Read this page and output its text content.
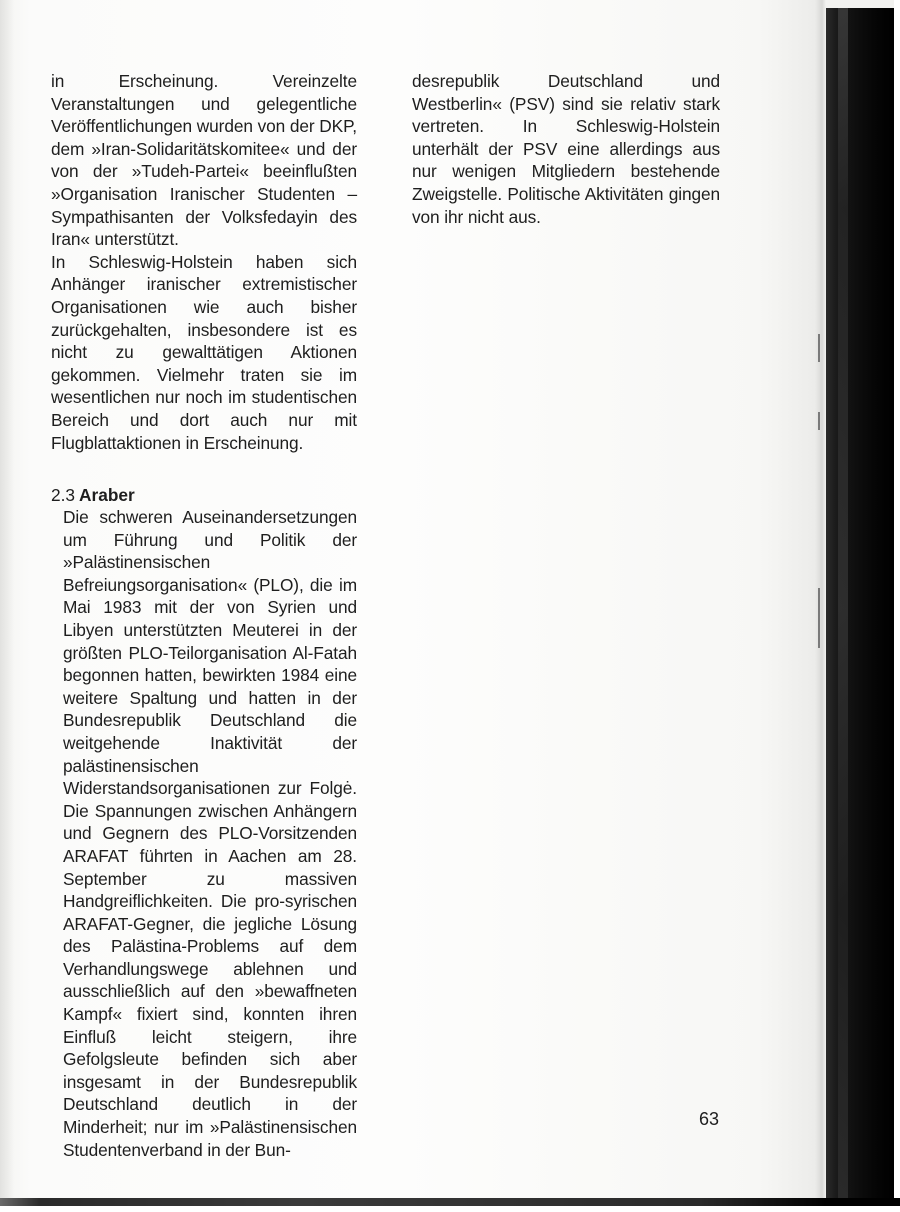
in Erscheinung. Vereinzelte Veranstaltungen und gelegentliche Veröffentlichungen wurden von der DKP, dem »Iran-Solidaritätskomitee« und der von der »Tudeh-Partei« beeinflußten »Organisation Iranischer Studenten – Sympathisanten der Volksfedayin des Iran« unterstützt.

In Schleswig-Holstein haben sich Anhänger iranischer extremistischer Organisationen wie auch bisher zurückgehalten, insbesondere ist es nicht zu gewalttätigen Aktionen gekommen. Vielmehr traten sie im wesentlichen nur noch im studentischen Bereich und dort auch nur mit Flugblattaktionen in Erscheinung.

desrepublik Deutschland und Westberlin« (PSV) sind sie relativ stark vertreten. In Schleswig-Holstein unterhält der PSV eine allerdings aus nur wenigen Mitgliedern bestehende Zweigstelle. Politische Aktivitäten gingen von ihr nicht aus.

2.3 Araber

Die schweren Auseinandersetzungen um Führung und Politik der »Palästinensischen Befreiungsorganisation« (PLO), die im Mai 1983 mit der von Syrien und Libyen unterstützten Meuterei in der größten PLO-Teilorganisation Al-Fatah begonnen hatten, bewirkten 1984 eine weitere Spaltung und hatten in der Bundesrepublik Deutschland die weitgehende Inaktivität der palästinensischen Widerstandsorganisationen zur Folgė. Die Spannungen zwischen Anhängern und Gegnern des PLO-Vorsitzenden ARAFAT führten in Aachen am 28. September zu massiven Handgreiflichkeiten. Die pro-syrischen ARAFAT-Gegner, die jegliche Lösung des Palästina-Problems auf dem Verhandlungswege ablehnen und ausschließlich auf den »bewaffneten Kampf« fixiert sind, konnten ihren Einfluß leicht steigern, ihre Gefolgsleute befinden sich aber insgesamt in der Bundesrepublik Deutschland deutlich in der Minderheit; nur im »Palästinensischen Studentenverband in der Bun-

63
